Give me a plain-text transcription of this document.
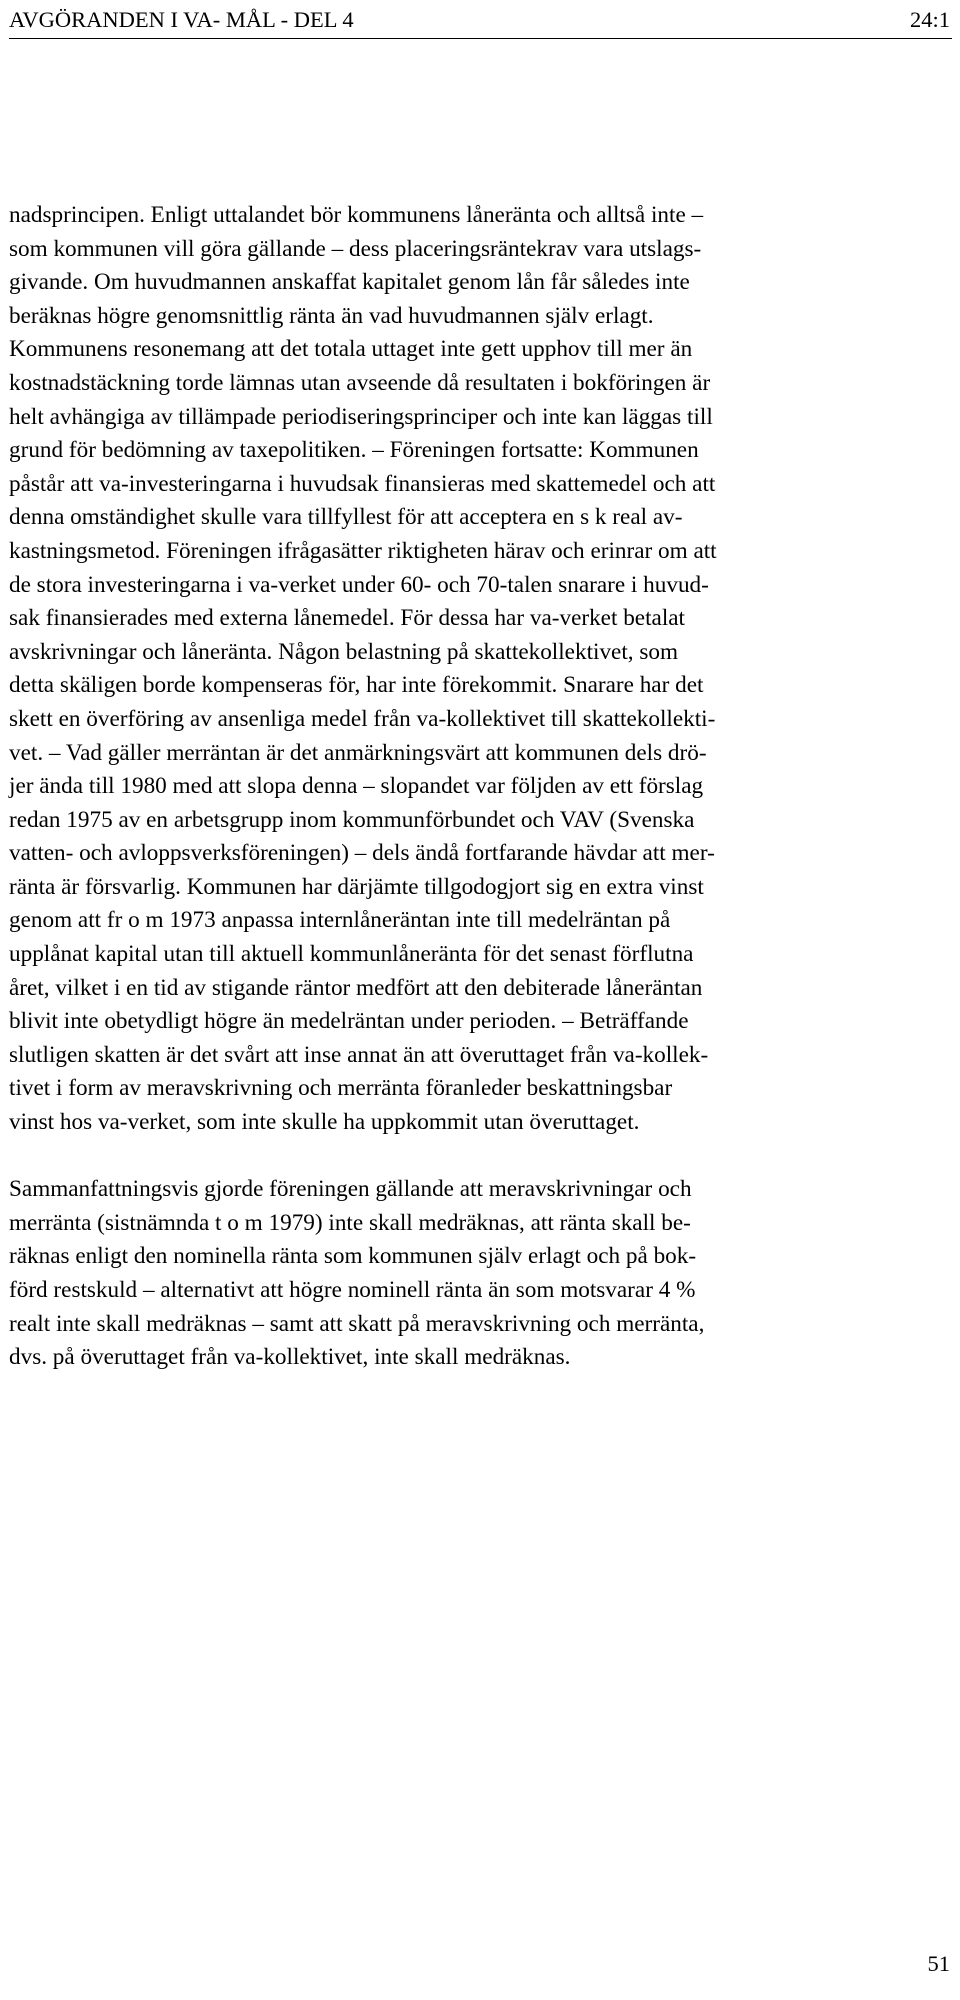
AVGÖRANDEN I VA- MÅL - DEL 4	24:1
nadsprincipen. Enligt uttalandet bör kommunens låneränta och alltså inte –
som kommunen vill göra gällande – dess placeringsräntekrav vara utslags-
givande. Om huvudmannen anskaffat kapitalet genom lån får således inte
beräknas högre genomsnittlig ränta än vad huvudmannen själv erlagt.
Kommunens resonemang att det totala uttaget inte gett upphov till mer än
kostnadstäckning torde lämnas utan avseende då resultaten i bokföringen är
helt avhängiga av tillämpade periodiseringsprinciper och inte kan läggas till
grund för bedömning av taxepolitiken. – Föreningen fortsatte: Kommunen
påstår att va-investeringarna i huvudsak finansieras med skattemedel och att
denna omständighet skulle vara tillfyllest för att acceptera en s k real av-
kastningsmetod. Föreningen ifrågasätter riktigheten härav och erinrar om att
de stora investeringarna i va-verket under 60- och 70-talen snarare i huvud-
sak finansierades med externa lånemedel. För dessa har va-verket betalat
avskrivningar och låneränta. Någon belastning på skattekollektivet, som
detta skäligen borde kompenseras för, har inte förekommit. Snarare har det
skett en överföring av ansenliga medel från va-kollektivet till skattekollekti-
vet. – Vad gäller merräntan är det anmärkningsvärt att kommunen dels drö-
jer ända till 1980 med att slopa denna – slopandet var följden av ett förslag
redan 1975 av en arbetsgrupp inom kommunförbundet och VAV (Svenska
vatten- och avloppsverksföreningen) – dels ändå fortfarande hävdar att mer-
ränta är försvarlig. Kommunen har därjämte tillgodogjort sig en extra vinst
genom att fr o m 1973 anpassa internlåneräntan inte till medelräntan på
upplånat kapital utan till aktuell kommunlåneränta för det senast förflutna
året, vilket i en tid av stigande räntor medfört att den debiterade låneräntan
blivit inte obetydligt högre än medelräntan under perioden. – Beträffande
slutligen skatten är det svårt att inse annat än att överuttaget från va-kollek-
tivet i form av meravskrivning och merränta föranleder beskattningsbar
vinst hos va-verket, som inte skulle ha uppkommit utan överuttaget.
Sammanfattningsvis gjorde föreningen gällande att meravskrivningar och
merränta (sistnämnda t o m 1979) inte skall medräknas, att ränta skall be-
räknas enligt den nominella ränta som kommunen själv erlagt och på bok-
förd restskuld – alternativt att högre nominell ränta än som motsvarar 4 %
realt inte skall medräknas – samt att skatt på meravskrivning och merränta,
dvs. på överuttaget från va-kollektivet, inte skall medräknas.
51
